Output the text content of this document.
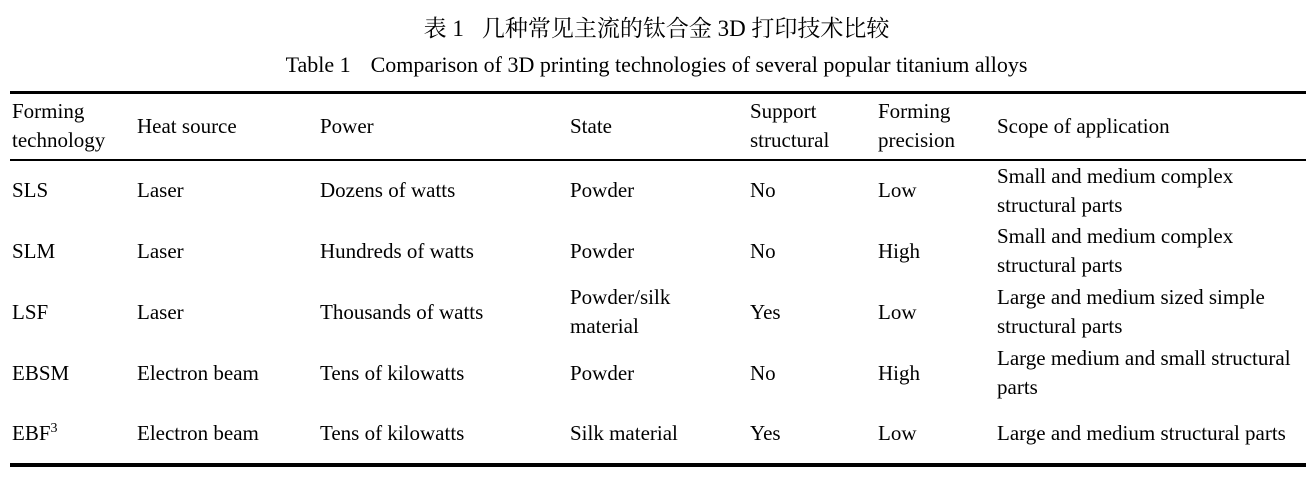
表 1 几种常见主流的钛合金 3D 打印技术比较
Table 1 Comparison of 3D printing technologies of several popular titanium alloys
Forming technology	Heat source	Power	State	Support structural	Forming precision	Scope of application
SLS	Laser	Dozens of watts	Powder	No	Low	Small and medium complex structural parts
SLM	Laser	Hundreds of watts	Powder	No	High	Small and medium complex structural parts
LSF	Laser	Thousands of watts	Powder/silk material	Yes	Low	Large and medium sized simple structural parts
EBSM	Electron beam	Tens of kilowatts	Powder	No	High	Large medium and small structural parts
EBF$^3$	Electron beam	Tens of kilowatts	Silk material	Yes	Low	Large and medium structural parts
